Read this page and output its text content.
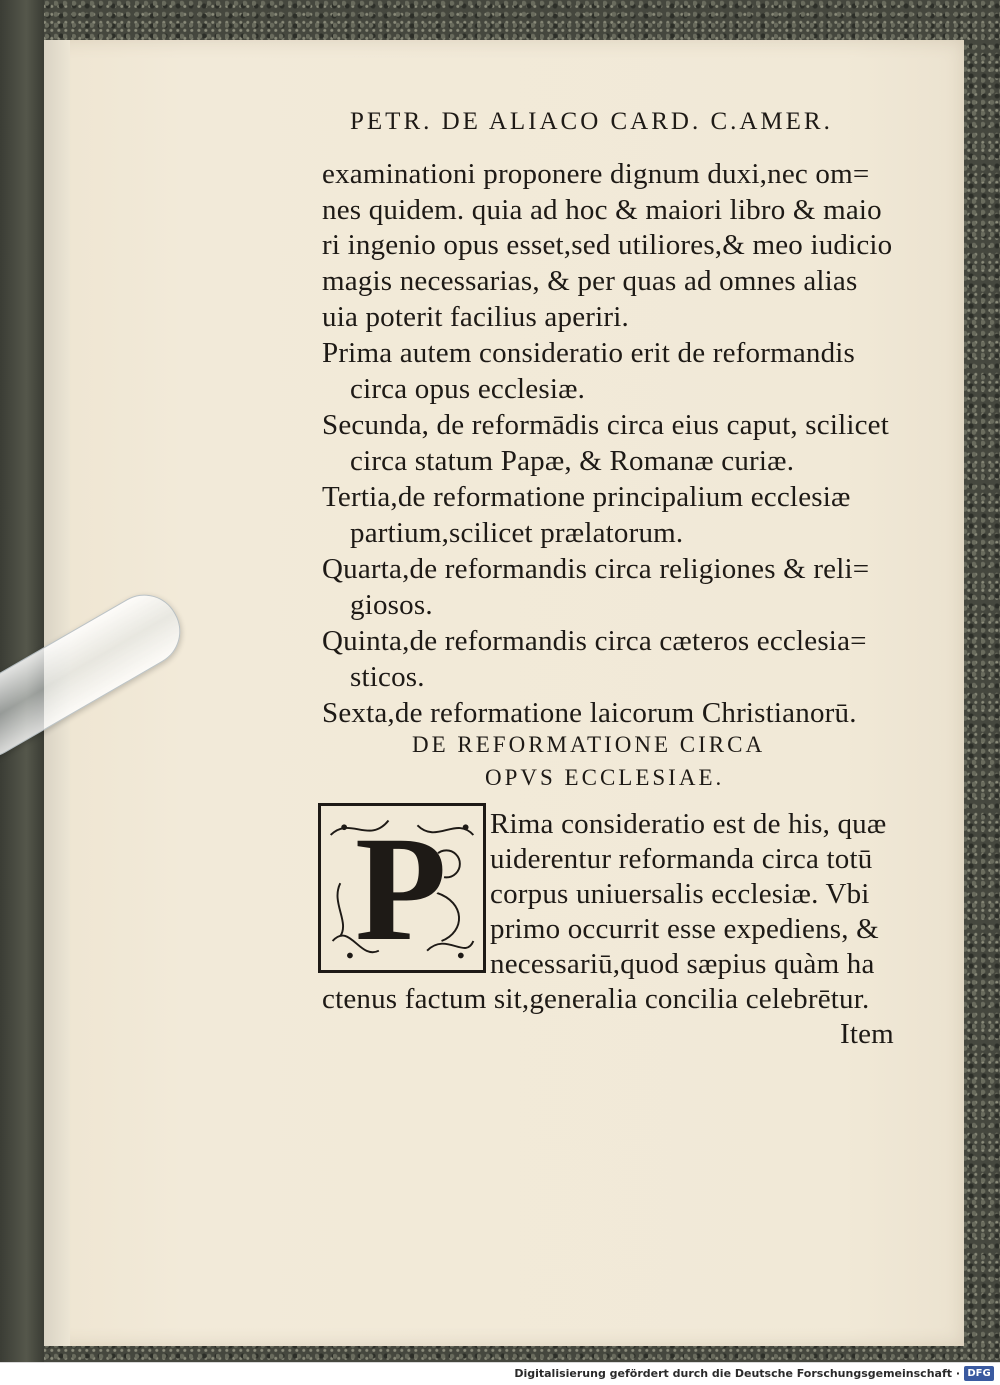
PETR. DE ALIACO CARD. C.AMER.
examinationi proponere dignum duxi,nec om=
nes quidem. quia ad hoc & maiori libro & maio
ri ingenio opus esset,sed utiliores,& meo iudicio
magis necessarias, & per quas ad omnes alias
uia poterit facilius aperiri.
Prima autem consideratio erit de reformandis
circa opus ecclesiæ.
Secunda, de reformādis circa eius caput, scilicet
circa statum Papæ, & Romanæ curiæ.
Tertia,de reformatione principalium ecclesiæ
partium,scilicet prælatorum.
Quarta,de reformandis circa religiones & reli=
giosos.
Quinta,de reformandis circa cæteros ecclesia=
sticos.
Sexta,de reformatione laicorum Christianorū.
DE REFORMATIONE CIRCA
OPVS ECCLESIAE.
P Rima consideratio est de his, quæ
uiderentur reformanda circa totū
corpus uniuersalis ecclesiæ. Vbi
primo occurrit esse expediens, &
necessariū,quod sæpius quàm ha
ctenus factum sit,generalia concilia celebrētur.
Item
Digitalisierung gefördert durch die Deutsche Forschungsgemeinschaft · DFG
